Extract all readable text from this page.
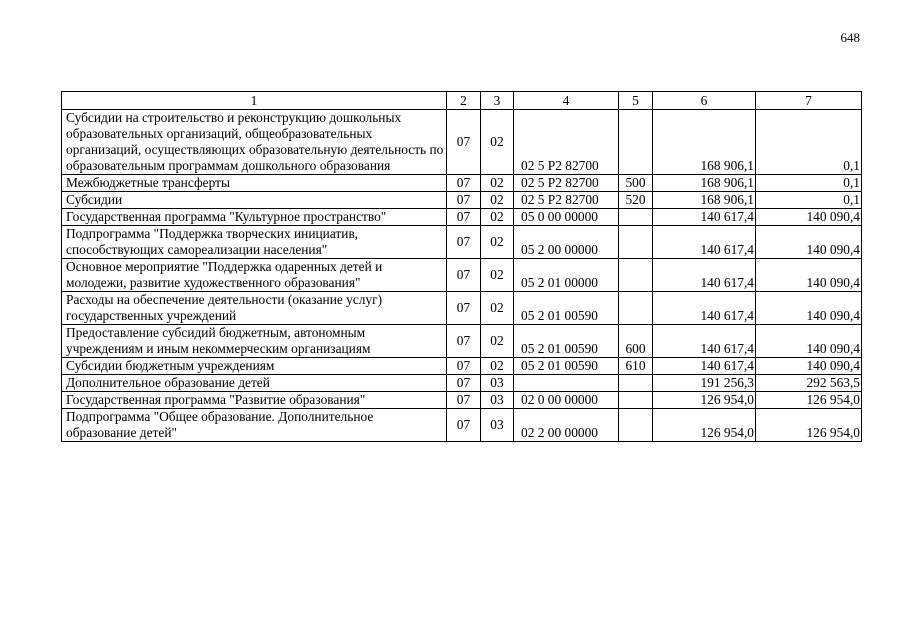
648
1	2	3	4	5	6	7
Субсидии на строительство и реконструкцию дошкольных образовательных организаций, общеобразовательных организаций, осуществляющих образовательную деятельность по образовательным программам дошкольного образования	07	02	02 5 P2 82700		168 906,1	0,1
Межбюджетные трансферты	07	02	02 5 P2 82700	500	168 906,1	0,1
Субсидии	07	02	02 5 P2 82700	520	168 906,1	0,1
Государственная программа "Культурное пространство"	07	02	05 0 00 00000		140 617,4	140 090,4
Подпрограмма "Поддержка творческих инициатив, способствующих самореализации населения"	07	02	05 2 00 00000		140 617,4	140 090,4
Основное мероприятие "Поддержка одаренных детей и молодежи, развитие художественного образования"	07	02	05 2 01 00000		140 617,4	140 090,4
Расходы на обеспечение деятельности (оказание услуг) государственных учреждений	07	02	05 2 01 00590		140 617,4	140 090,4
Предоставление субсидий бюджетным, автономным учреждениям и иным некоммерческим организациям	07	02	05 2 01 00590	600	140 617,4	140 090,4
Субсидии бюджетным учреждениям	07	02	05 2 01 00590	610	140 617,4	140 090,4
Дополнительное образование детей	07	03			191 256,3	292 563,5
Государственная программа "Развитие образования"	07	03	02 0 00 00000		126 954,0	126 954,0
Подпрограмма "Общее образование. Дополнительное образование детей"	07	03	02 2 00 00000		126 954,0	126 954,0
